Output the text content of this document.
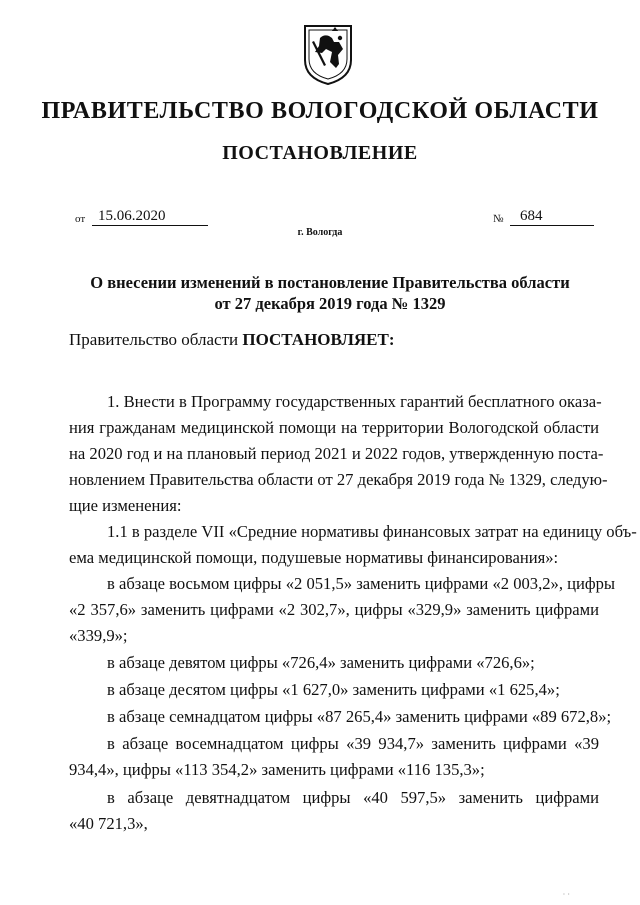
ПРАВИТЕЛЬСТВО ВОЛОГОДСКОЙ ОБЛАСТИ
ПОСТАНОВЛЕНИЕ
от 15.06.2020	№	684
г. Вологда
О внесении изменений в постановление Правительства области
от 27 декабря 2019 года № 1329
Правительство области ПОСТАНОВЛЯЕТ:
1. Внести в Программу государственных гарантий бесплатного оказа-
ния гражданам медицинской помощи на территории Вологодской области
на 2020 год и на плановый период 2021 и 2022 годов, утвержденную поста-
новлением Правительства области от 27 декабря 2019 года № 1329, следую-
щие изменения:
1.1 в разделе VII «Средние нормативы финансовых затрат на единицу объ-
ема медицинской помощи, подушевые нормативы финансирования»:
в абзаце восьмом цифры «2 051,5» заменить цифрами «2 003,2», цифры
«2 357,6» заменить цифрами «2 302,7», цифры «329,9» заменить цифрами
«339,9»;
в абзаце девятом цифры «726,4» заменить цифрами «726,6»;
в абзаце десятом цифры «1 627,0» заменить цифрами «1 625,4»;
в абзаце семнадцатом цифры «87 265,4» заменить цифрами «89 672,8»;
в абзаце восемнадцатом цифры «39 934,7» заменить цифрами «39
934,4», цифры «113 354,2» заменить цифрами «116 135,3»;
в абзаце девятнадцатом цифры «40 597,5» заменить цифрами
«40 721,3»,
· ·
